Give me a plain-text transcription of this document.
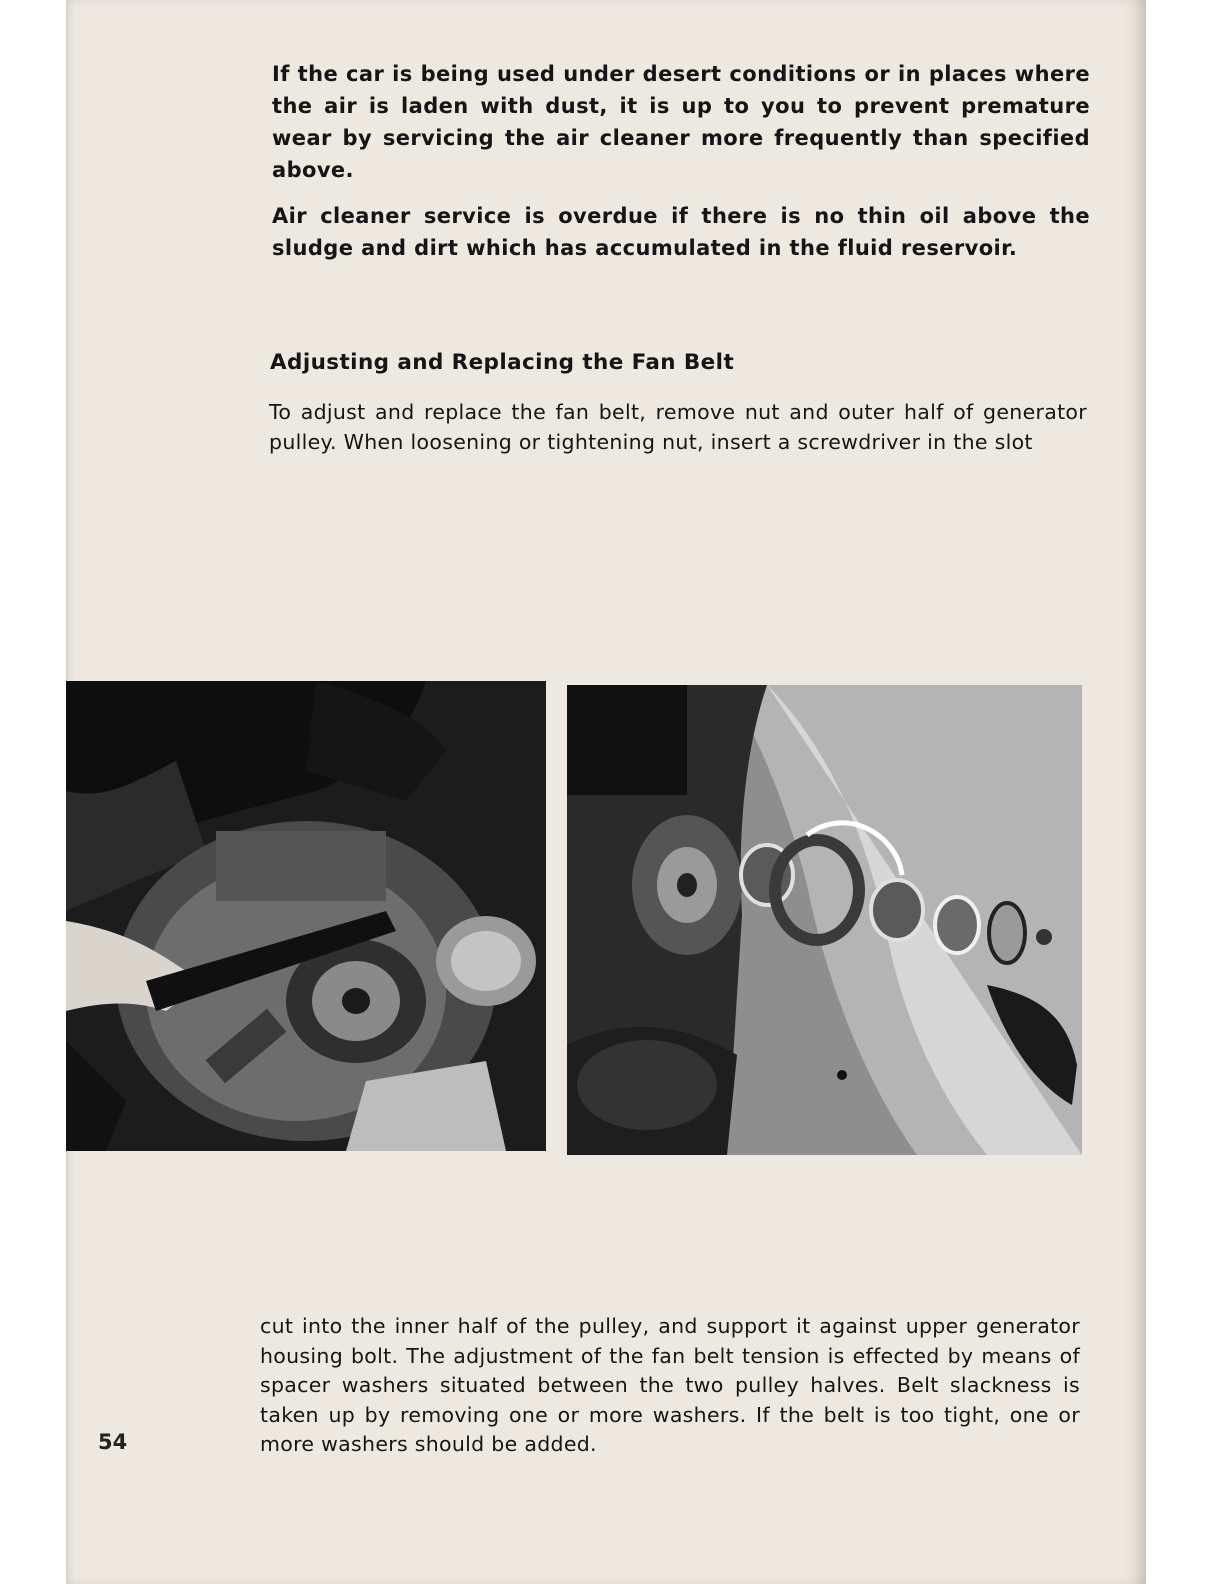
If the car is being used under desert conditions or in places where the air is laden with dust, it is up to you to prevent premature wear by servicing the air cleaner more frequently than specified above.
Air cleaner service is overdue if there is no thin oil above the sludge and dirt which has accumulated in the fluid reservoir.
Adjusting and Replacing the Fan Belt
To adjust and replace the fan belt, remove nut and outer half of generator pulley. When loosening or tightening nut, insert a screwdriver in the slot
cut into the inner half of the pulley, and support it against upper generator housing bolt. The adjustment of the fan belt tension is effected by means of spacer washers situated between the two pulley halves. Belt slackness is taken up by removing one or more washers. If the belt is too tight, one or more washers should be added.
54
